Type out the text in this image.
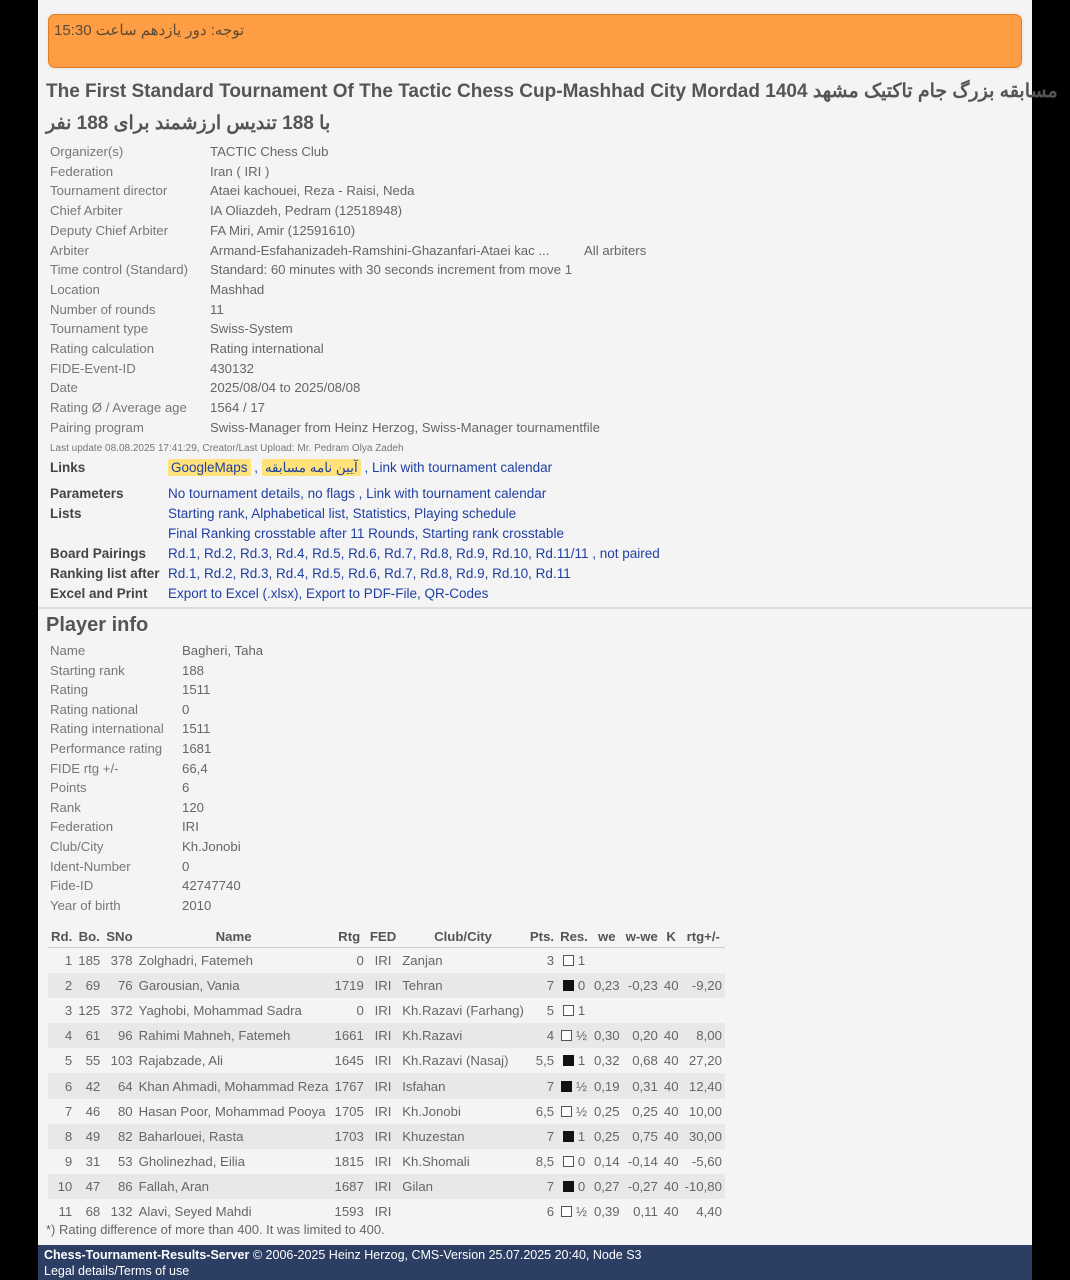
توجه: دور یازدهم ساعت 15:30
The First Standard Tournament Of The Tactic Chess Cup-Mashhad City Mordad 1404 مسابقه بزرگ جام تاکتیک مشهد
با 188 تندیس ارزشمند برای 188 نفر
Organizer(s)	TACTIC Chess Club
Federation	Iran ( IRI )
Tournament director	Ataei kachouei, Reza - Raisi, Neda
Chief Arbiter	IA Oliazdeh, Pedram (12518948)
Deputy Chief Arbiter	FA Miri, Amir (12591610)
Arbiter	Armand-Esfahanizadeh-Ramshini-Ghazanfari-Ataei kac ...	All arbiters
Time control (Standard) Standard: 60 minutes with 30 seconds increment from move 1
Location	Mashhad
Number of rounds	11
Tournament type	Swiss-System
Rating calculation	Rating international
FIDE-Event-ID	430132
Date	2025/08/04 to 2025/08/08
Rating Ø / Average age 1564 / 17
Pairing program	Swiss-Manager from Heinz Herzog, Swiss-Manager tournamentfile
Last update 08.08.2025 17:41:29, Creator/Last Upload: Mr. Pedram Olya Zadeh
Links	GoogleMaps , آیین نامه مسابقه , Link with tournament calendar
Parameters	No tournament details, no flags , Link with tournament calendar
Lists	Starting rank, Alphabetical list, Statistics, Playing schedule
Final Ranking crosstable after 11 Rounds, Starting rank crosstable
Board Pairings Rd.1, Rd.2, Rd.3, Rd.4, Rd.5, Rd.6, Rd.7, Rd.8, Rd.9, Rd.10, Rd.11/11 , not paired
Ranking list after Rd.1, Rd.2, Rd.3, Rd.4, Rd.5, Rd.6, Rd.7, Rd.8, Rd.9, Rd.10, Rd.11
Excel and Print Export to Excel (.xlsx), Export to PDF-File, QR-Codes
Player info
Name	Bagheri, Taha
Starting rank	188
Rating	1511
Rating national	0
Rating international 1511
Performance rating 1681
FIDE rtg +/-	66,4
Points	6
Rank	120
Federation	IRI
Club/City	Kh.Jonobi
Ident-Number	0
Fide-ID	42747740
Year of birth	2010
Rd.	Bo.	SNo	Name	Rtg	FED	Club/City	Pts.	Res.	we	w-we	K	rtg+/-
1	185	378	Zolghadri, Fatemeh	0	IRI	Zanjan	3	1				
2	69	76	Garousian, Vania	1719	IRI	Tehran	7	0	0,23	-0,23	40	-9,20
3	125	372	Yaghobi, Mohammad Sadra	0	IRI	Kh.Razavi (Farhang)	5	1				
4	61	96	Rahimi Mahneh, Fatemeh	1661	IRI	Kh.Razavi	4	½	0,30	0,20	40	8,00
5	55	103	Rajabzade, Ali	1645	IRI	Kh.Razavi (Nasaj)	5,5	1	0,32	0,68	40	27,20
6	42	64	Khan Ahmadi, Mohammad Reza	1767	IRI	Isfahan	7	½	0,19	0,31	40	12,40
7	46	80	Hasan Poor, Mohammad Pooya	1705	IRI	Kh.Jonobi	6,5	½	0,25	0,25	40	10,00
8	49	82	Baharlouei, Rasta	1703	IRI	Khuzestan	7	1	0,25	0,75	40	30,00
9	31	53	Gholinezhad, Eilia	1815	IRI	Kh.Shomali	8,5	0	0,14	-0,14	40	-5,60
10	47	86	Fallah, Aran	1687	IRI	Gilan	7	0	0,27	-0,27	40	-10,80
11	68	132	Alavi, Seyed Mahdi	1593	IRI		6	½	0,39	0,11	40	4,40
*) Rating difference of more than 400. It was limited to 400.
Chess-Tournament-Results-Server © 2006-2025 Heinz Herzog, CMS-Version 25.07.2025 20:40, Node S3
Legal details/Terms of use
